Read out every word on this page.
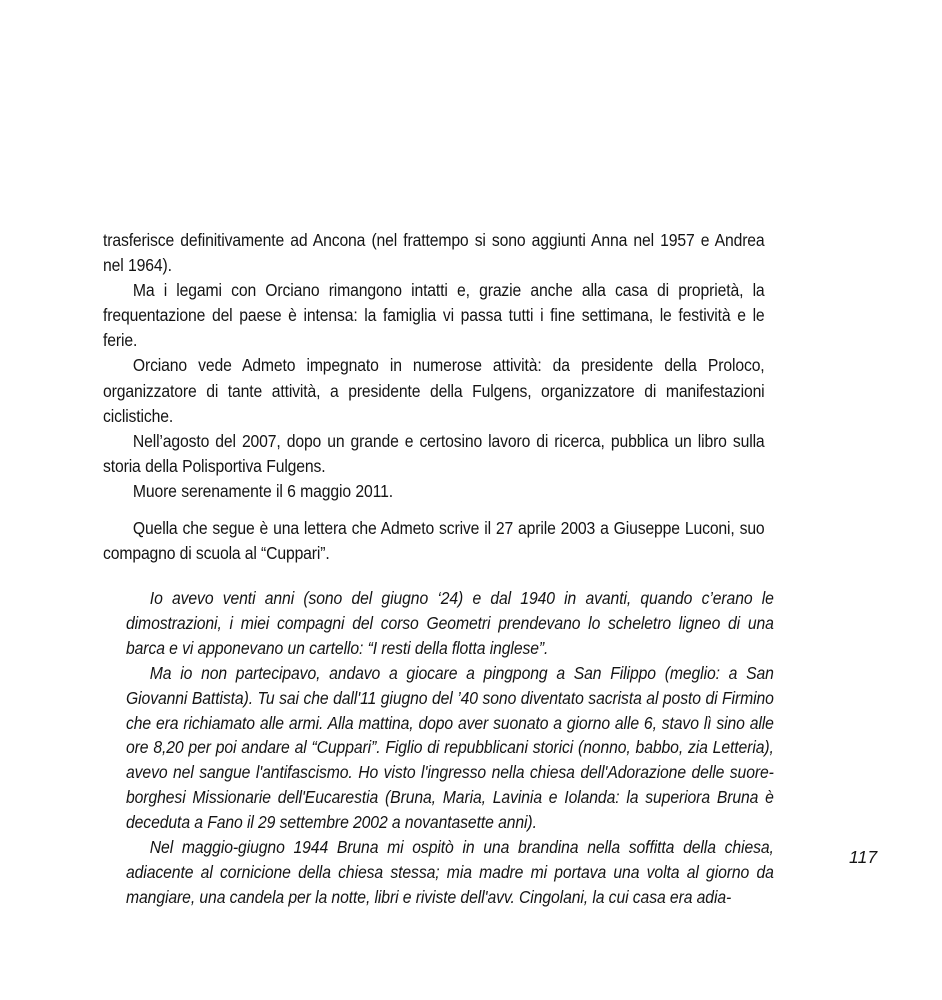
trasferisce definitivamente ad Ancona (nel frattempo si sono aggiunti Anna nel 1957 e Andrea nel 1964).

Ma i legami con Orciano rimangono intatti e, grazie anche alla casa di proprietà, la frequentazione del paese è intensa: la famiglia vi passa tutti i fine settimana, le festività e le ferie.

Orciano vede Admeto impegnato in numerose attività: da presidente della Proloco, organizzatore di tante attività, a presidente della Fulgens, organizzatore di manifestazioni ciclistiche.

Nell’agosto del 2007, dopo un grande e certosino lavoro di ricerca, pubblica un libro sulla storia della Polisportiva Fulgens.

Muore serenamente il 6 maggio 2011.

Quella che segue è una lettera che Admeto scrive il 27 aprile 2003 a Giuseppe Luconi, suo compagno di scuola al “Cuppari”.

Io avevo venti anni (sono del giugno ‘24) e dal 1940 in avanti, quando c’erano le dimostrazioni, i miei compagni del corso Geometri prendevano lo scheletro ligneo di una barca e vi apponevano un cartello: “I resti della flotta inglese”.

Ma io non partecipavo, andavo a giocare a pingpong a San Filippo (meglio: a San Giovanni Battista). Tu sai che dall'11 giugno del ’40 sono diventato sacrista al posto di Firmino che era richiamato alle armi. Alla mattina, dopo aver suonato a giorno alle 6, stavo lì sino alle ore 8,20 per poi andare al “Cuppari”. Figlio di repubblicani storici (nonno, babbo, zia Letteria), avevo nel sangue l'antifascismo. Ho visto l'ingresso nella chiesa dell'Adorazione delle suore-borghesi Missionarie dell'Eucarestia (Bruna, Maria, Lavinia e Iolanda: la superiora Bruna è deceduta a Fano il 29 settembre 2002 a novantasette anni).

Nel maggio-giugno 1944 Bruna mi ospitò in una brandina nella soffitta della chiesa, adiacente al cornicione della chiesa stessa; mia madre mi portava una volta al giorno da mangiare, una candela per la notte, libri e riviste dell'avv. Cingolani, la cui casa era adia-

117
